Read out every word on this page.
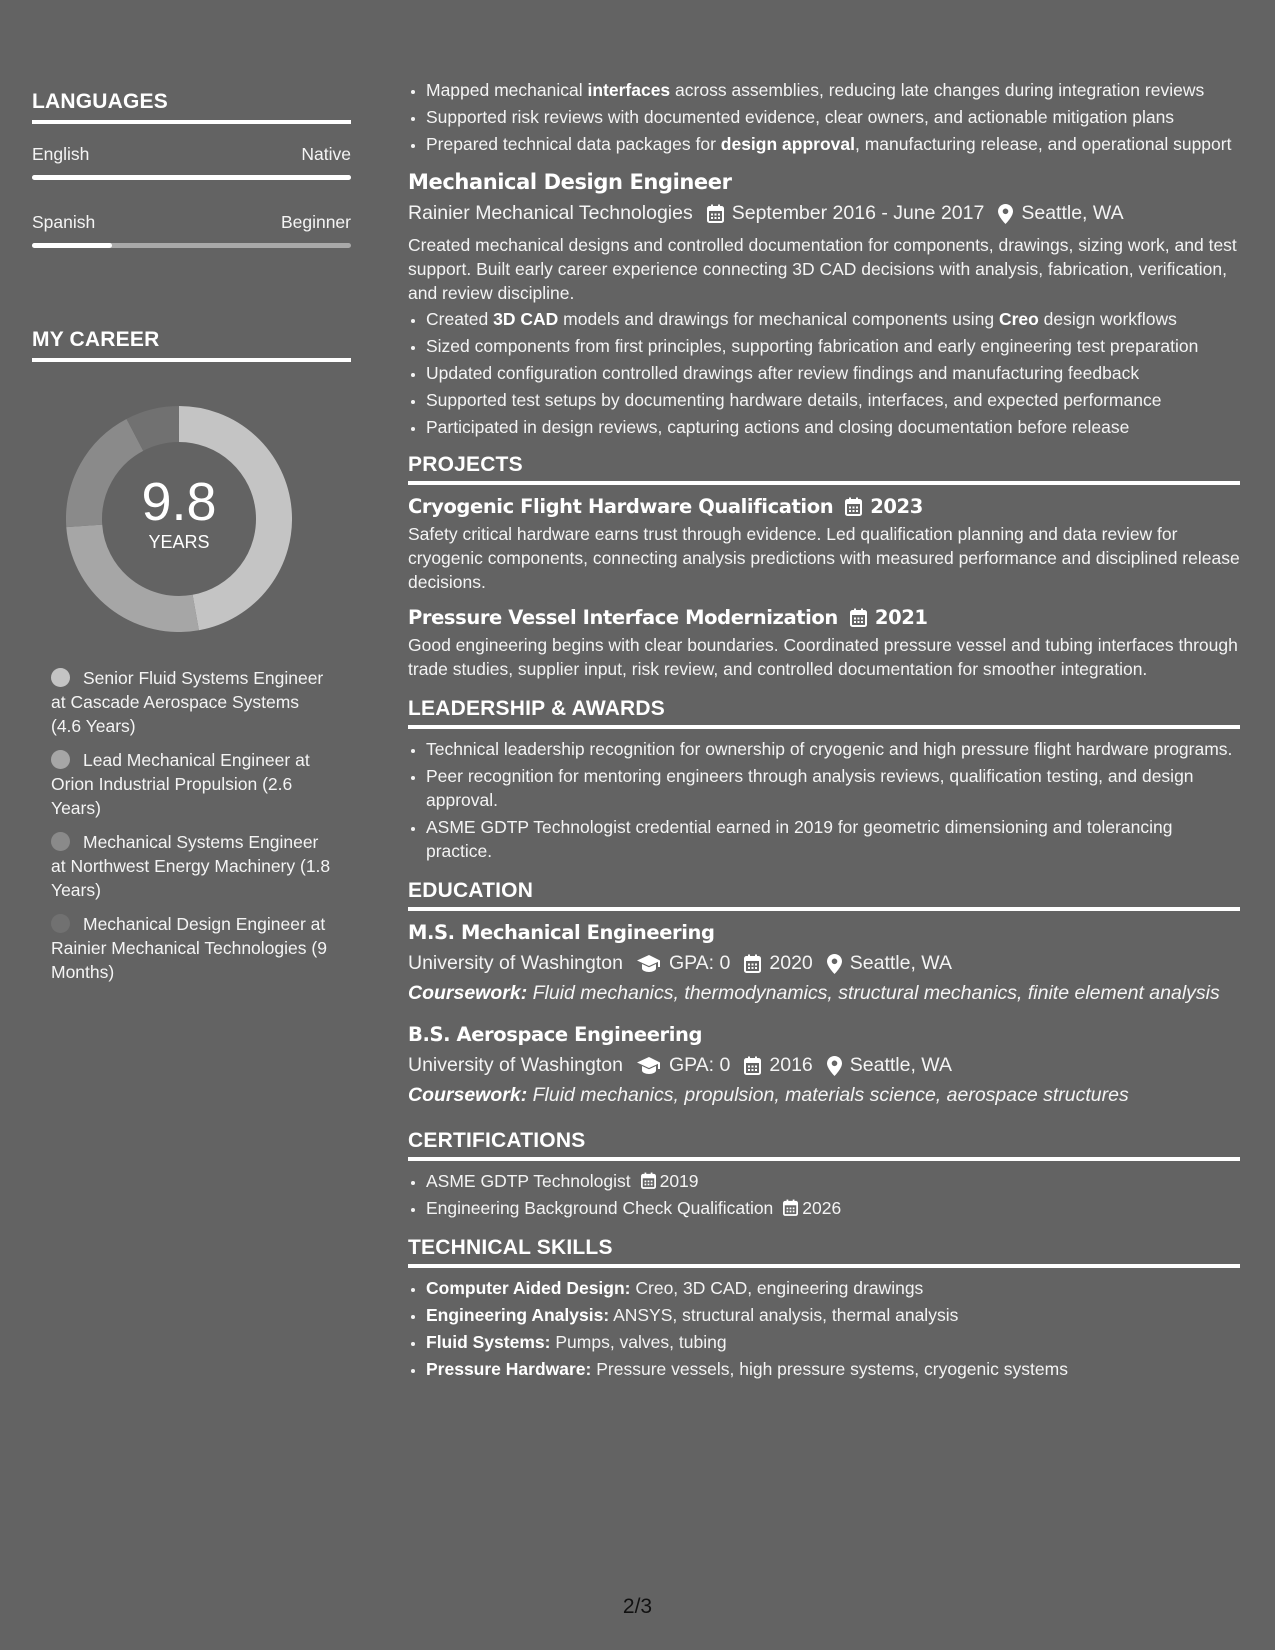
LANGUAGES
English	Native
Spanish	Beginner
MY CAREER
9.8
YEARS
Senior Fluid Systems Engineer at Cascade Aerospace Systems (4.6 Years)
Lead Mechanical Engineer at Orion Industrial Propulsion (2.6 Years)
Mechanical Systems Engineer at Northwest Energy Machinery (1.8 Years)
Mechanical Design Engineer at Rainier Mechanical Technologies (9 Months)
• Mapped mechanical interfaces across assemblies, reducing late changes during integration reviews
• Supported risk reviews with documented evidence, clear owners, and actionable mitigation plans
• Prepared technical data packages for design approval, manufacturing release, and operational support
Mechanical Design Engineer
Rainier Mechanical Technologies September 2016 - June 2017 Seattle, WA
Created mechanical designs and controlled documentation for components, drawings, sizing work, and test support. Built early career experience connecting 3D CAD decisions with analysis, fabrication, verification, and review discipline.
• Created 3D CAD models and drawings for mechanical components using Creo design workflows
• Sized components from first principles, supporting fabrication and early engineering test preparation
• Updated configuration controlled drawings after review findings and manufacturing feedback
• Supported test setups by documenting hardware details, interfaces, and expected performance
• Participated in design reviews, capturing actions and closing documentation before release
PROJECTS
Cryogenic Flight Hardware Qualification 2023
Safety critical hardware earns trust through evidence. Led qualification planning and data review for cryogenic components, connecting analysis predictions with measured performance and disciplined release decisions.
Pressure Vessel Interface Modernization 2021
Good engineering begins with clear boundaries. Coordinated pressure vessel and tubing interfaces through trade studies, supplier input, risk review, and controlled documentation for smoother integration.
LEADERSHIP & AWARDS
• Technical leadership recognition for ownership of cryogenic and high pressure flight hardware programs.
• Peer recognition for mentoring engineers through analysis reviews, qualification testing, and design approval.
• ASME GDTP Technologist credential earned in 2019 for geometric dimensioning and tolerancing practice.
EDUCATION
M.S. Mechanical Engineering
University of Washington GPA: 0 2020 Seattle, WA
Coursework: Fluid mechanics, thermodynamics, structural mechanics, finite element analysis
B.S. Aerospace Engineering
University of Washington GPA: 0 2016 Seattle, WA
Coursework: Fluid mechanics, propulsion, materials science, aerospace structures
CERTIFICATIONS
• ASME GDTP Technologist 2019
• Engineering Background Check Qualification 2026
TECHNICAL SKILLS
• Computer Aided Design: Creo, 3D CAD, engineering drawings
• Engineering Analysis: ANSYS, structural analysis, thermal analysis
• Fluid Systems: Pumps, valves, tubing
• Pressure Hardware: Pressure vessels, high pressure systems, cryogenic systems
2/3
